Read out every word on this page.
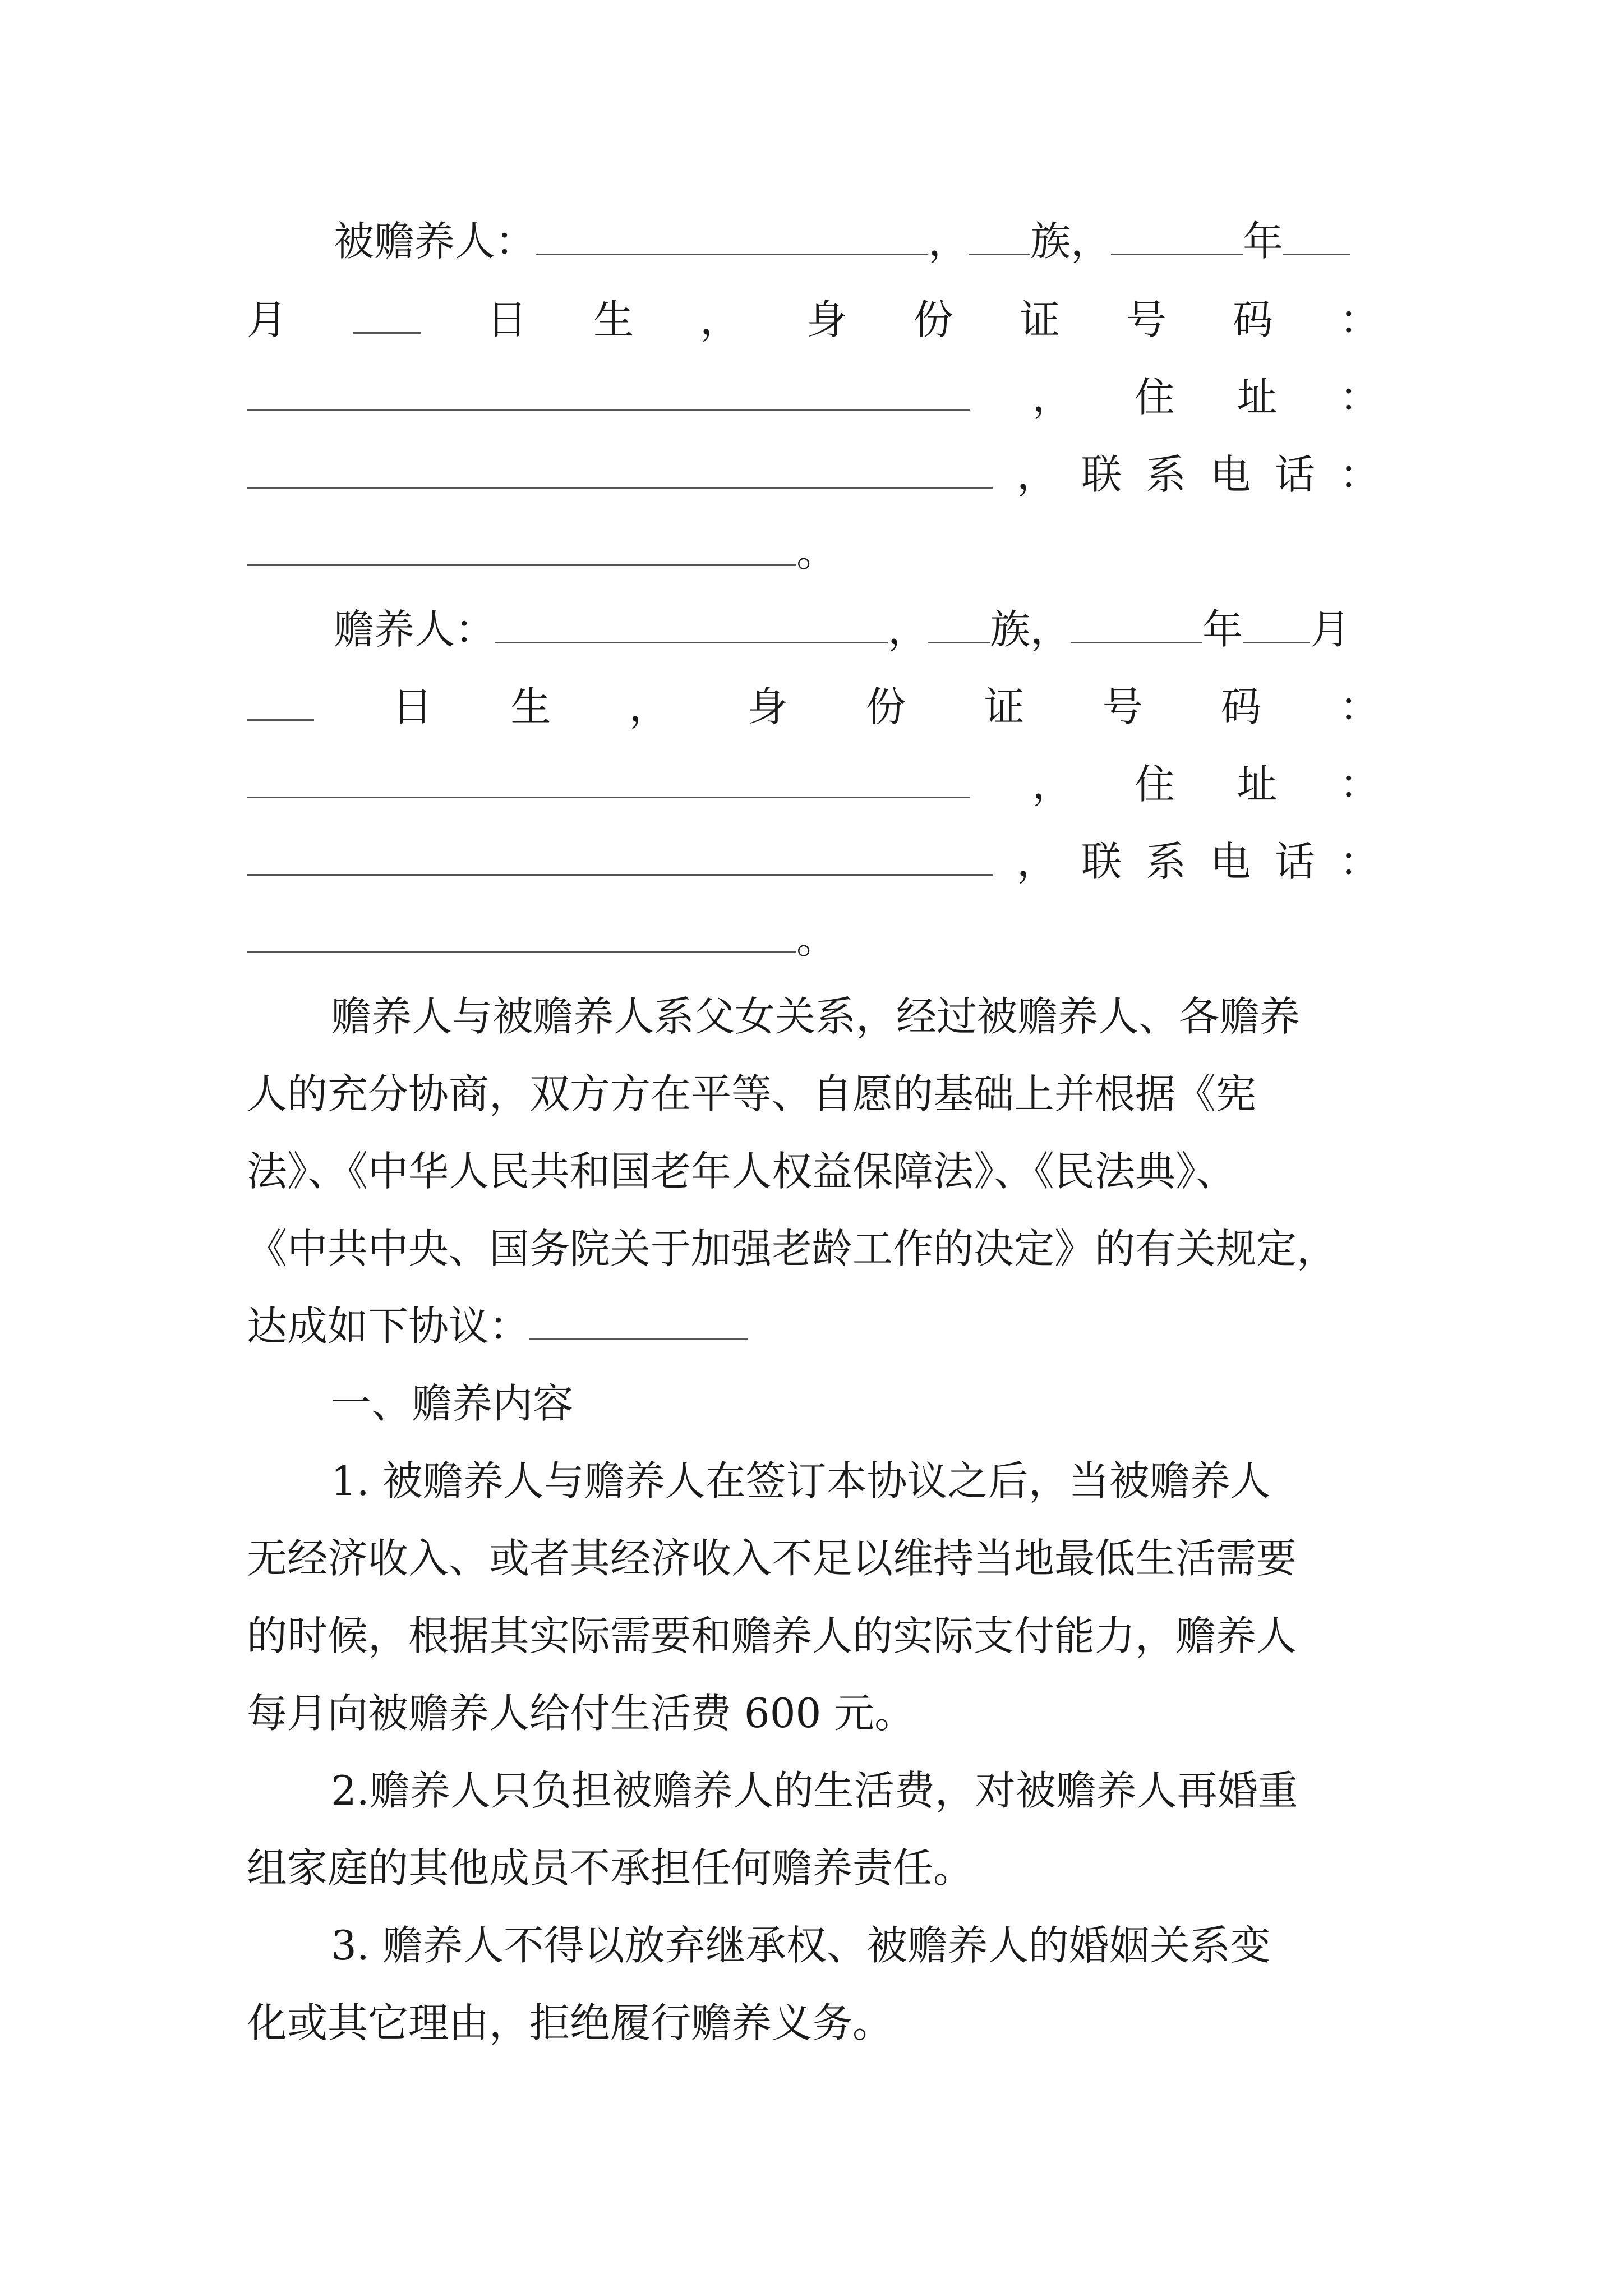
被赡养人：	， 族，	年
月	日 生 ， 身 份 证 号 码 ：
， 住 址 ：
， 联 系 电 话 ：
。
赡养人：	， 族，	年 月
日 生 ， 身 份 证 号 码 ：
， 住 址 ：
， 联 系 电 话 ：
。
赡养人与被赡养人系父女关系，经过被赡养人、各赡养
人的充分协商，双方方在平等、自愿的基础上并根据《宪
法》、《中华人民共和国老年人权益保障法》、《民法典》、
《中共中央、国务院关于加强老龄工作的决定》的有关规定，
达成如下协议：
一、赡养内容
1. 被赡养人与赡养人在签订本协议之后，当被赡养人
无经济收入、或者其经济收入不足以维持当地最低生活需要
的时候，根据其实际需要和赡养人的实际支付能力，赡养人
每月向被赡养人给付生活费 600 元。
2.赡养人只负担被赡养人的生活费，对被赡养人再婚重
组家庭的其他成员不承担任何赡养责任。
3. 赡养人不得以放弃继承权、被赡养人的婚姻关系变
化或其它理由，拒绝履行赡养义务。
